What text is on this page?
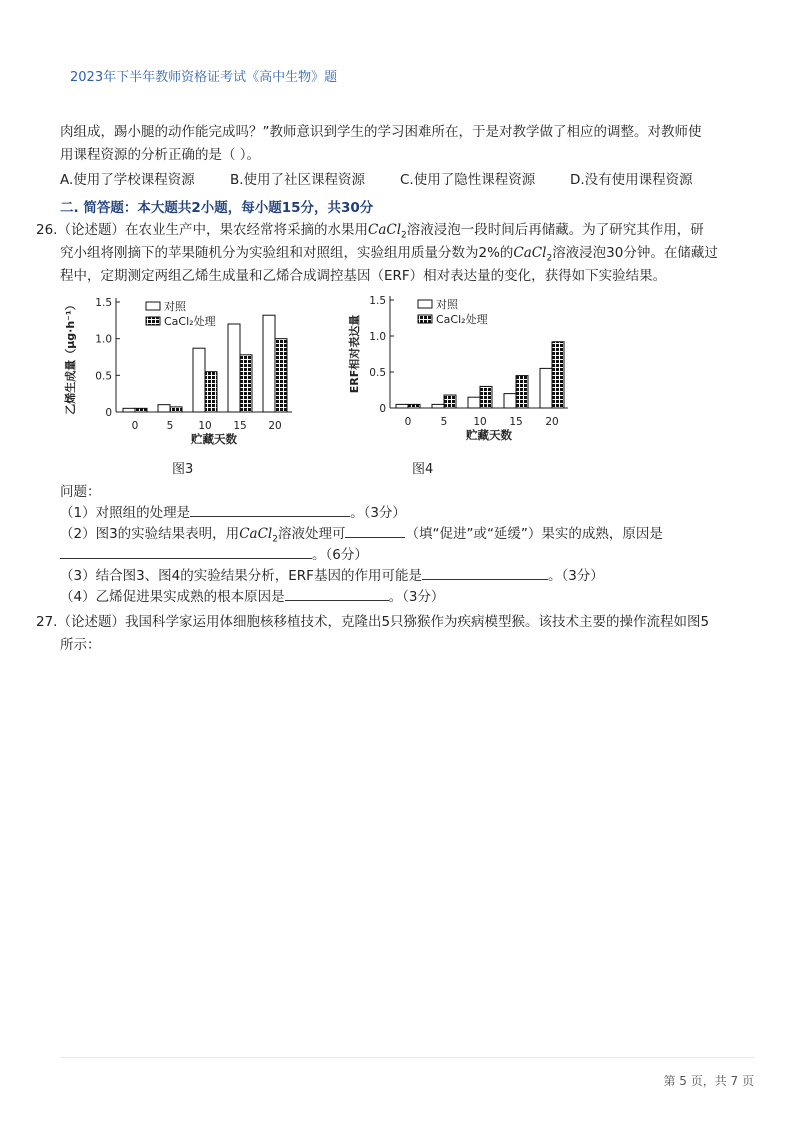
2023年下半年教师资格证考试《高中生物》题
肉组成，踢小腿的动作能完成吗？”教师意识到学生的学习困难所在，于是对教学做了相应的调整。对教师使
用课程资源的分析正确的是（ ）。
A.使用了学校课程资源	B.使用了社区课程资源	C.使用了隐性课程资源	D.没有使用课程资源
二. 简答题：本大题共2小题，每小题15分，共30分
26.（论述题）在农业生产中，果农经常将采摘的水果用CaCl$_2$溶液浸泡一段时间后再储藏。为了研究其作用，研
究小组将刚摘下的苹果随机分为实验组和对照组，实验组用质量分数为2%的CaCl$_2$溶液浸泡30分钟。在储藏过
程中，定期测定两组乙烯生成量和乙烯合成调控基因（ERF）相对表达量的变化，获得如下实验结果。
0
0.5
1.0
1.5
乙烯生成量（μg·h⁻¹）
0	5 10 15 20
贮藏天数
对照
CaCl₂处理
图3
0
0.5
1.0
1.5
ERF相对表达量
0	5 10 15 20
贮藏天数
对照
CaCl₂处理
图4
问题：
（1）对照组的处理是	。（3分）
（2）图3的实验结果表明，用CaCl$_2$溶液处理可	（填“促进”或“延缓”）果实的成熟，原因是
。（6分）
（3）结合图3、图4的实验结果分析，ERF基因的作用可能是	。（3分）
（4）乙烯促进果实成熟的根本原因是	。（3分）
27.（论述题）我国科学家运用体细胞核移植技术，克隆出5只猕猴作为疾病模型猴。该技术主要的操作流程如图5
所示：
第 5 页，共 7 页
